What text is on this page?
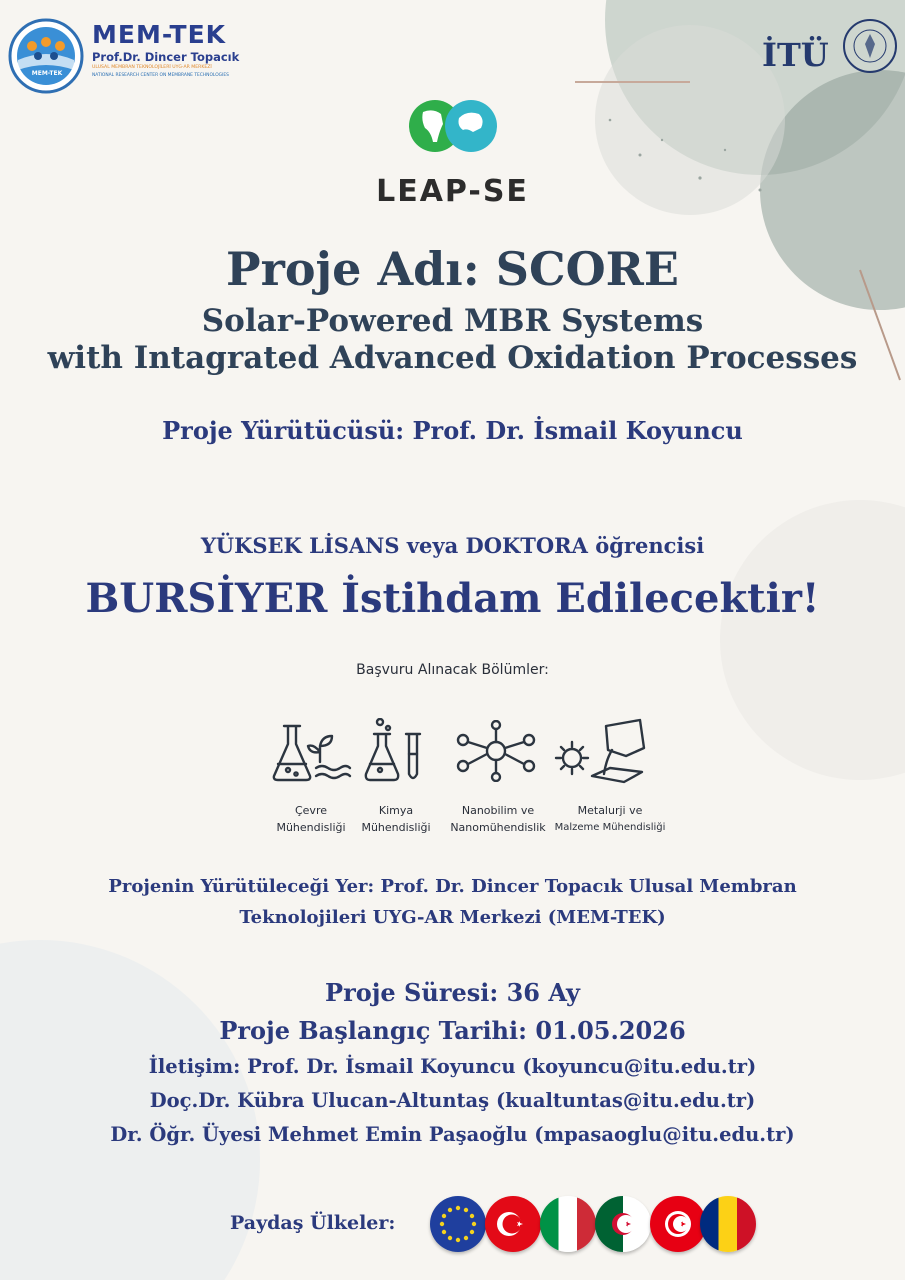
MEM-TEK
MEM-TEK
Prof.Dr. Dincer Topacık
ULUSAL MEMBRAN TEKNOLOJİLERİ UYG-AR MERKEZİ
NATIONAL RESEARCH CENTER ON MEMBRANE TECHNOLOGIES
İTÜ
LEAP-SE
Proje Adı: SCORE
Solar-Powered MBR Systems
with Intagrated Advanced Oxidation Processes
Proje Yürütücüsü: Prof. Dr. İsmail Koyuncu
YÜKSEK LİSANS veya DOKTORA öğrencisi
BURSİYER İstihdam Edilecektir!
Başvuru Alınacak Bölümler:
Çevre
Mühendisliği
Kimya
Mühendisliği
Nanobilim ve
Nanomühendislik
Metalurji ve
Malzeme Mühendisliği
Projenin Yürütüleceği Yer: Prof. Dr. Dincer Topacık Ulusal Membran
Teknolojileri UYG-AR Merkezi (MEM-TEK)
Proje Süresi: 36 Ay
Proje Başlangıç Tarihi: 01.05.2026
İletişim: Prof. Dr. İsmail Koyuncu (koyuncu@itu.edu.tr)
Doç.Dr. Kübra Ulucan-Altuntaş (kualtuntas@itu.edu.tr)
Dr. Öğr. Üyesi Mehmet Emin Paşaoğlu (mpasaoglu@itu.edu.tr)
Paydaş Ülkeler:
